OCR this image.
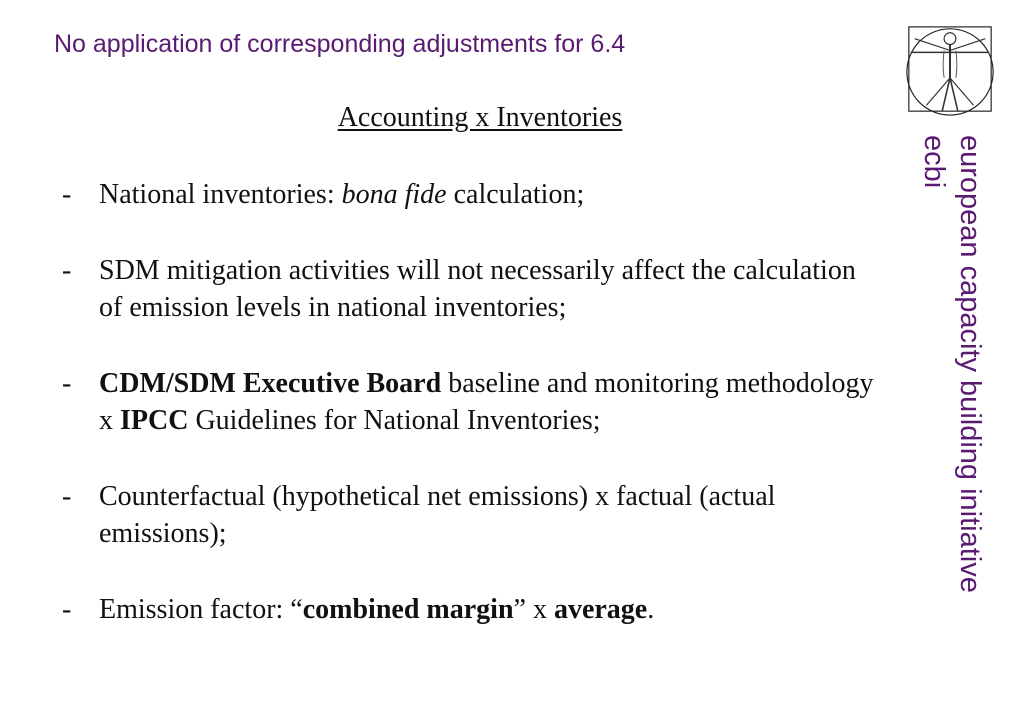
No application of corresponding adjustments for 6.4
Accounting x Inventories
- National inventories: bona fide calculation;
- SDM mitigation activities will not necessarily affect the calculation of emission levels in national inventories;
- CDM/SDM Executive Board baseline and monitoring methodology x IPCC Guidelines for National Inventories;
- Counterfactual (hypothetical net emissions) x factual (actual emissions);
- Emission factor: “combined margin” x average.
european capacity building initiative
ecbi
